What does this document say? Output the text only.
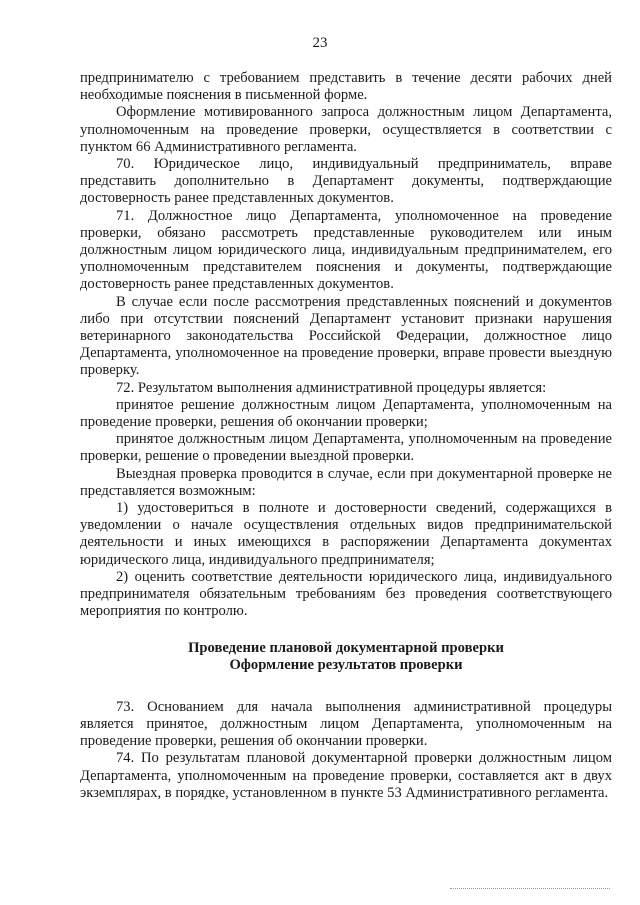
23

предпринимателю с требованием представить в течение десяти рабочих дней необходимые пояснения в письменной форме.

Оформление мотивированного запроса должностным лицом Департамента, уполномоченным на проведение проверки, осуществляется в соответствии с пунктом 66 Административного регламента.

70. Юридическое лицо, индивидуальный предприниматель, вправе представить дополнительно в Департамент документы, подтверждающие достоверность ранее представленных документов.

71. Должностное лицо Департамента, уполномоченное на проведение проверки, обязано рассмотреть представленные руководителем или иным должностным лицом юридического лица, индивидуальным предпринимателем, его уполномоченным представителем пояснения и документы, подтверждающие достоверность ранее представленных документов.

В случае если после рассмотрения представленных пояснений и документов либо при отсутствии пояснений Департамент установит признаки нарушения ветеринарного законодательства Российской Федерации, должностное лицо Департамента, уполномоченное на проведение проверки, вправе провести выездную проверку.

72. Результатом выполнения административной процедуры является:

принятое решение должностным лицом Департамента, уполномоченным на проведение проверки, решения об окончании проверки;

принятое должностным лицом Департамента, уполномоченным на проведение проверки, решение о проведении выездной проверки.

Выездная проверка проводится в случае, если при документарной проверке не представляется возможным:

1) удостовериться в полноте и достоверности сведений, содержащихся в уведомлении о начале осуществления отдельных видов предпринимательской деятельности и иных имеющихся в распоряжении Департамента документах юридического лица, индивидуального предпринимателя;

2) оценить соответствие деятельности юридического лица, индивидуального предпринимателя обязательным требованиям без проведения соответствующего мероприятия по контролю.

Проведение плановой документарной проверки

Оформление результатов проверки

73. Основанием для начала выполнения административной процедуры является принятое, должностным лицом Департамента, уполномоченным на проведение проверки, решения об окончании проверки.

74. По результатам плановой документарной проверки должностным лицом Департамента, уполномоченным на проведение проверки, составляется акт в двух экземплярах, в порядке, установленном в пункте 53 Административного регламента.
